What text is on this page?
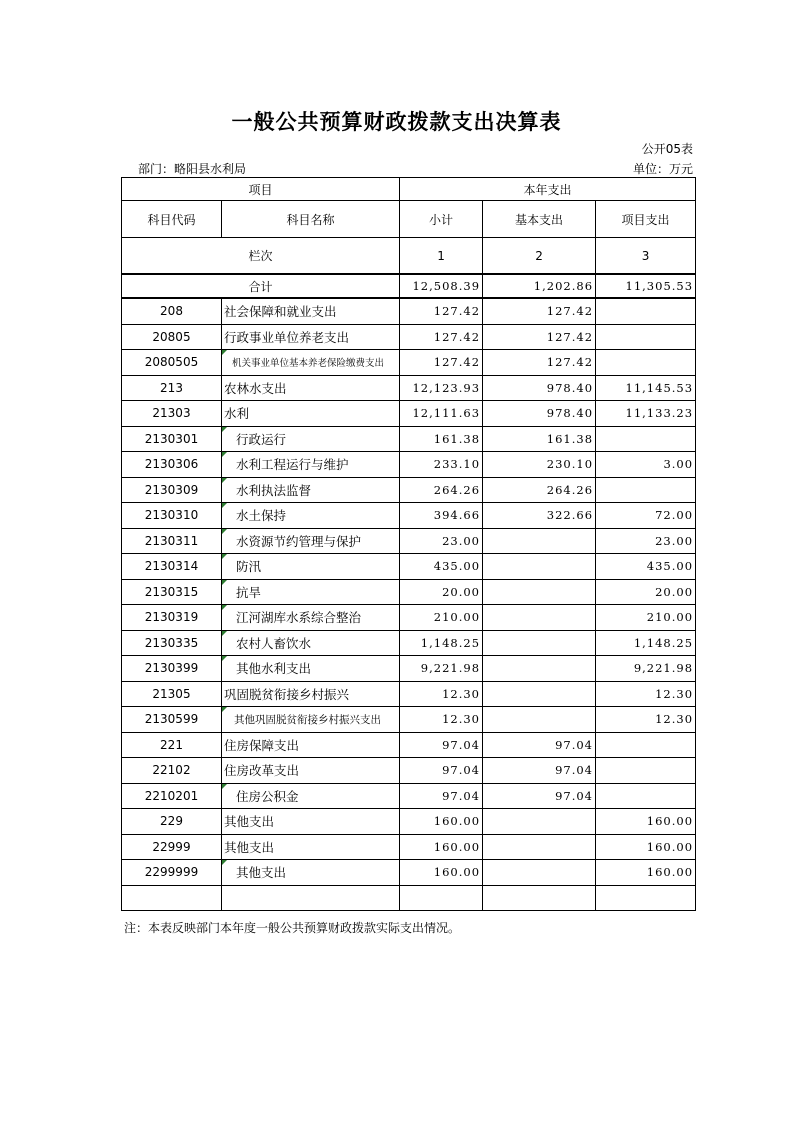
一般公共预算财政拨款支出决算表
公开05表
部门：略阳县水利局	单位：万元
项目		本年支出		
科目代码	科目名称	小计	基本支出	项目支出
栏次		1	2	3
合计		12,508.39	1,202.86	11,305.53
208	社会保障和就业支出	127.42	127.42	
20805	行政事业单位养老支出	127.42	127.42	
2080505	机关事业单位基本养老保险缴费支出	127.42	127.42	
213	农林水支出	12,123.93	978.40	11,145.53
21303	水利	12,111.63	978.40	11,133.23
2130301	行政运行	161.38	161.38	
2130306	水利工程运行与维护	233.10	230.10	3.00
2130309	水利执法监督	264.26	264.26	
2130310	水土保持	394.66	322.66	72.00
2130311	水资源节约管理与保护	23.00		23.00
2130314	防汛	435.00		435.00
2130315	抗旱	20.00		20.00
2130319	江河湖库水系综合整治	210.00		210.00
2130335	农村人畜饮水	1,148.25		1,148.25
2130399	其他水利支出	9,221.98		9,221.98
21305	巩固脱贫衔接乡村振兴	12.30		12.30
2130599	其他巩固脱贫衔接乡村振兴支出	12.30		12.30
221	住房保障支出	97.04	97.04	
22102	住房改革支出	97.04	97.04	
2210201	住房公积金	97.04	97.04	
229	其他支出	160.00		160.00
22999	其他支出	160.00		160.00
2299999	其他支出	160.00		160.00

注：本表反映部门本年度一般公共预算财政拨款实际支出情况。
